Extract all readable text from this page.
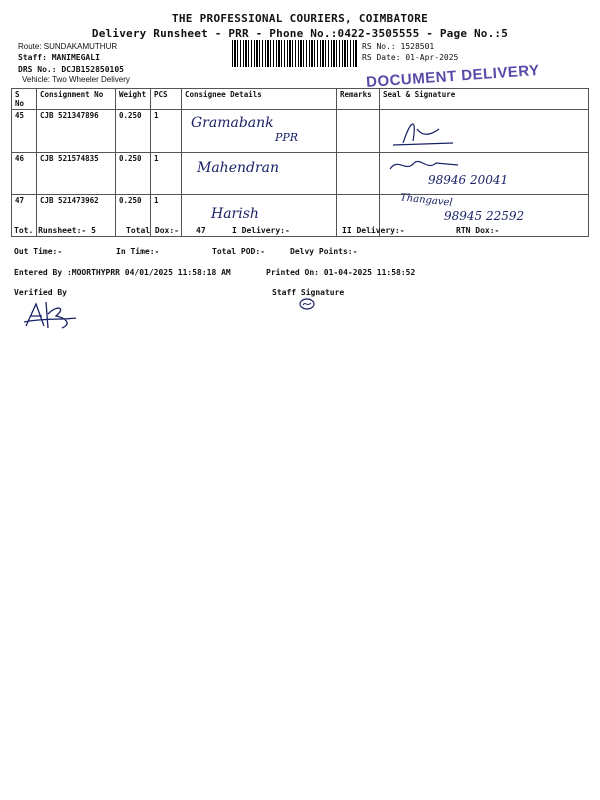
THE PROFESSIONAL COURIERS, COIMBATORE
Delivery Runsheet - PRR - Phone No.:0422-3505555 - Page No.:5
Route: SUNDAKAMUTHUR
Staff: MANIMEGALI
DRS No.: DCJB152850105
Vehicle: Two Wheeler Delivery
RS No.: 1528501
RS Date: 01-Apr-2025
S No	Consignment No	Weight	PCS	Consignee Details	Remarks	Seal & Signature
45	CJB 521347896	0.250	1	Gramabank
PPR

46	CJB 521574835	0.250	1	Mahendran		98946 20041

47	CJB 521473962	0.250	1	Harish		Thangavel
98945 22592
DOCUMENT DELIVERY
Tot. Runsheet:- 5	Total Dox:- 47	I Delivery:-	II Delivery:-	RTN Dox:-
Out Time:-	In Time:-	Total POD:-	Delvy Points:-
Entered By :MOORTHYPRR 04/01/2025 11:58:18 AM	Printed On: 01-04-2025 11:58:52
Verified By	Staff Signature
